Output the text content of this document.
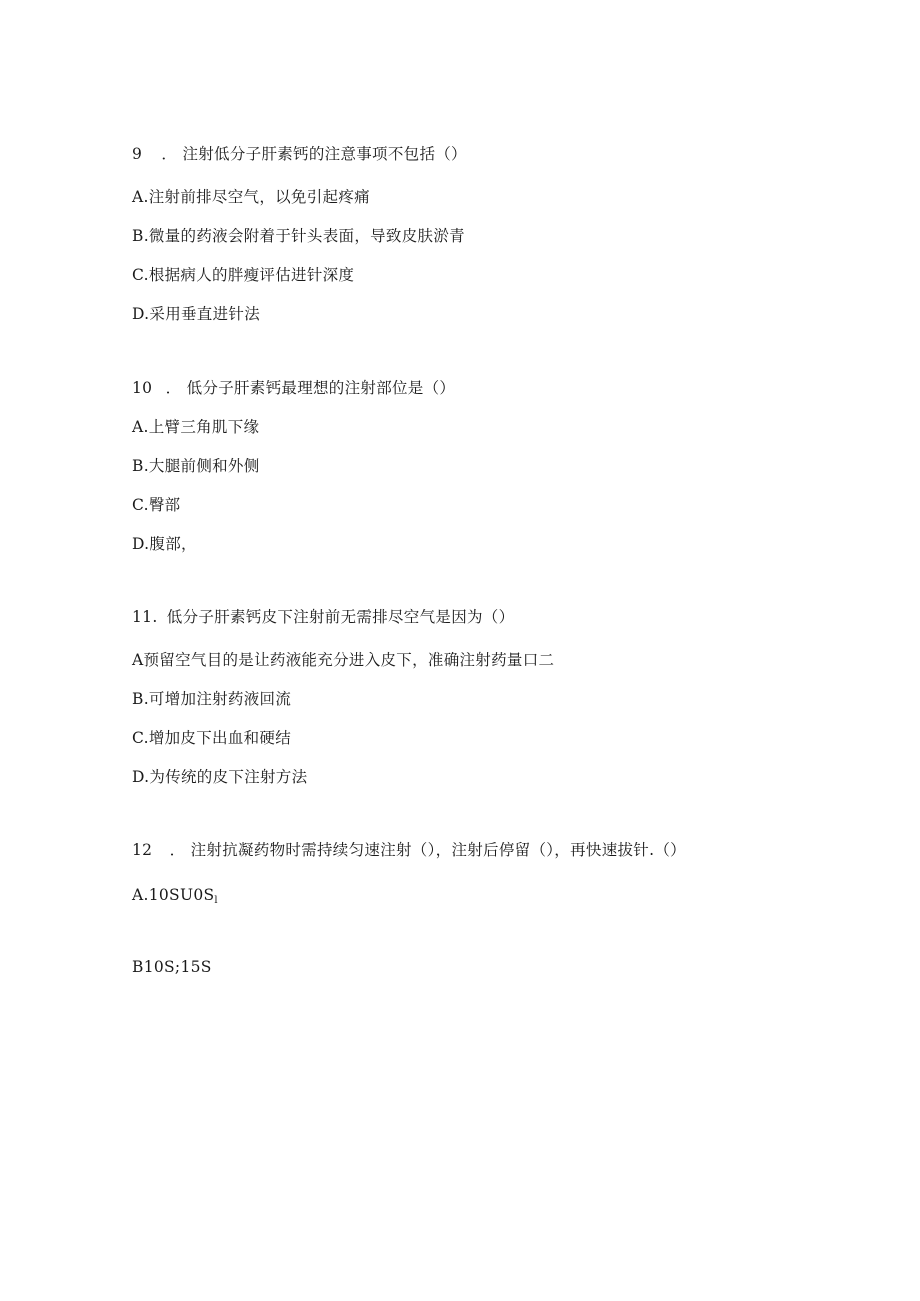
9 ． 注射低分子肝素钙的注意事项不包括（）
A.注射前排尽空气，以免引起疼痛
B.微量的药液会附着于针头表面，导致皮肤淤青
C.根据病人的胖瘦评估进针深度
D.采用垂直进针法
10 ． 低分子肝素钙最理想的注射部位是（）
A.上臂三角肌下缘
B.大腿前侧和外侧
C.臀部
D.腹部，
11. 低分子肝素钙皮下注射前无需排尽空气是因为（）
A预留空气目的是让药液能充分进入皮下，准确注射药量口二
B.可增加注射药液回流
C.增加皮下出血和硬结
D.为传统的皮下注射方法
12 ． 注射抗凝药物时需持续匀速注射（），注射后停留（），再快速拔针.（）
$A.10SU0S_l$
B10S;15S
